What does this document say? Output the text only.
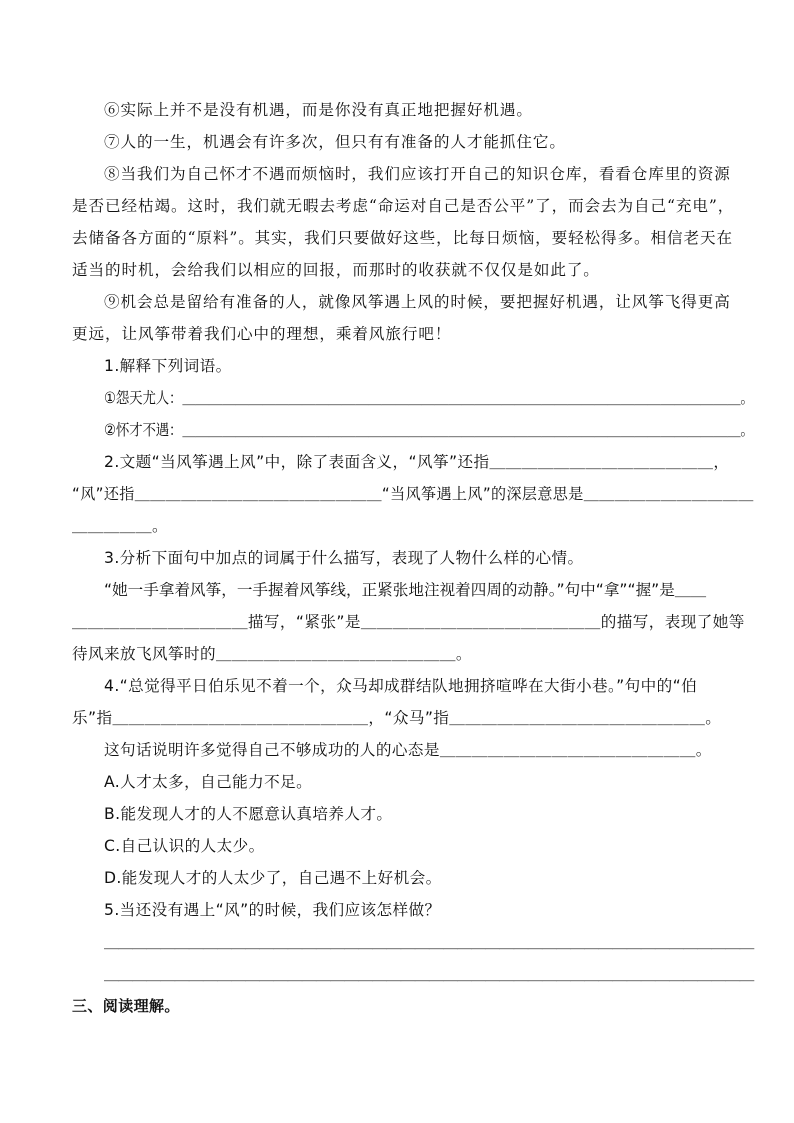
⑥实际上并不是没有机遇，而是你没有真正地把握好机遇。
⑦人的一生，机遇会有许多次，但只有有准备的人才能抓住它。
⑧当我们为自己怀才不遇而烦恼时，我们应该打开自己的知识仓库，看看仓库里的资源
是否已经枯竭。这时，我们就无暇去考虑“命运对自己是否公平”了，而会去为自己“充电”，
去储备各方面的“原料”。其实，我们只要做好这些，比每日烦恼，要轻松得多。相信老天在
适当的时机，会给我们以相应的回报，而那时的收获就不仅仅是如此了。
⑨机会总是留给有准备的人，就像风筝遇上风的时候，要把握好机遇，让风筝飞得更高
更远，让风筝带着我们心中的理想，乘着风旅行吧！
1.解释下列词语。
①怨天尤人：＿＿＿＿＿＿＿＿＿＿＿＿＿＿＿＿＿＿＿＿＿＿＿＿＿＿＿＿＿＿＿＿＿＿＿＿＿＿＿＿＿＿。
②怀才不遇：＿＿＿＿＿＿＿＿＿＿＿＿＿＿＿＿＿＿＿＿＿＿＿＿＿＿＿＿＿＿＿＿＿＿＿＿＿＿＿＿＿＿。
2.文题“当风筝遇上风”中，除了表面含义，“风筝”还指＿＿＿＿＿＿＿＿＿＿＿＿＿＿，
“风”还指＿＿＿＿＿＿＿＿＿＿＿＿＿＿＿＿“当风筝遇上风”的深层意思是＿＿＿＿＿＿＿＿＿＿＿
＿＿＿＿＿。
3.分析下面句中加点的词属于什么描写，表现了人物什么样的心情。
“她一手拿着风筝，一手握着风筝线，正紧张地注视着四周的动静。”句中“拿”“握”是＿＿
＿＿＿＿＿＿＿＿＿＿＿描写，“紧张”是＿＿＿＿＿＿＿＿＿＿＿＿＿＿＿的描写，表现了她等
待风来放飞风筝时的＿＿＿＿＿＿＿＿＿＿＿＿＿＿＿。
4.“总觉得平日伯乐见不着一个，众马却成群结队地拥挤喧哗在大街小巷。”句中的“伯
乐”指＿＿＿＿＿＿＿＿＿＿＿＿＿＿＿＿，“众马”指＿＿＿＿＿＿＿＿＿＿＿＿＿＿＿＿。
这句话说明许多觉得自己不够成功的人的心态是＿＿＿＿＿＿＿＿＿＿＿＿＿＿＿＿。
A.人才太多，自己能力不足。
B.能发现人才的人不愿意认真培养人才。
C.自己认识的人太少。
D.能发现人才的人太少了，自己遇不上好机会。
5.当还没有遇上“风”的时候，我们应该怎样做？
＿＿＿＿＿＿＿＿＿＿＿＿＿＿＿＿＿＿＿＿＿＿＿＿＿＿＿＿＿＿＿＿＿＿＿＿＿＿＿＿＿＿＿＿＿＿
＿＿＿＿＿＿＿＿＿＿＿＿＿＿＿＿＿＿＿＿＿＿＿＿＿＿＿＿＿＿＿＿＿＿＿＿＿＿＿＿＿＿＿＿＿＿
三、阅读理解。
